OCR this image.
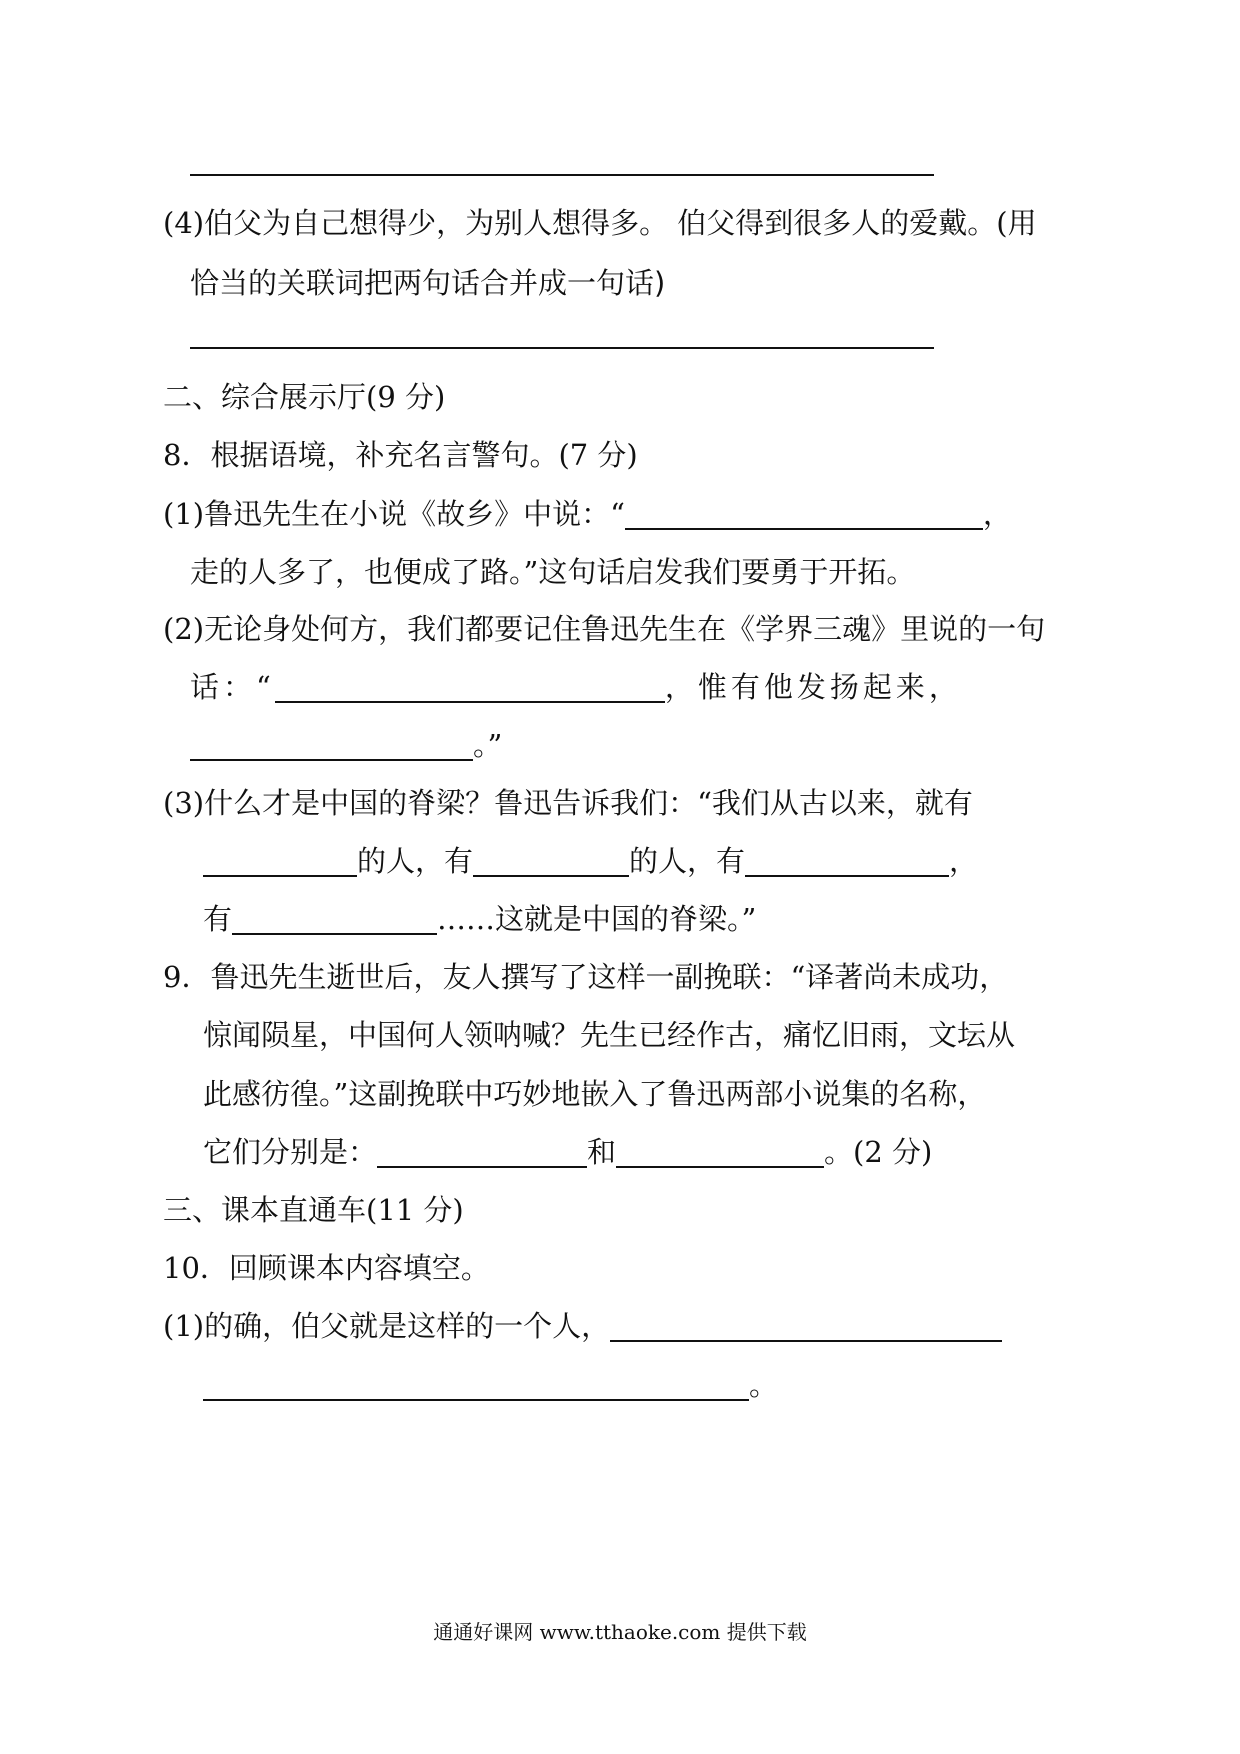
(4)伯父为自己想得少，为别人想得多。 伯父得到很多人的爱戴。(用
恰当的关联词把两句话合并成一句话)
二、综合展示厅(9 分)
8．根据语境，补充名言警句。(7 分)
(1)鲁迅先生在小说《故乡》中说：“	，
走的人多了，也便成了路。”这句话启发我们要勇于开拓。
(2)无论身处何方，我们都要记住鲁迅先生在《学界三魂》里说的一句
话：“	，惟有他发扬起来，
。”
(3)什么才是中国的脊梁？鲁迅告诉我们：“我们从古以来，就有
的人，有	的人，有	，
有	……这就是中国的脊梁。”
9．鲁迅先生逝世后，友人撰写了这样一副挽联：“译著尚未成功，
惊闻陨星，中国何人领呐喊？先生已经作古，痛忆旧雨，文坛从
此感彷徨。”这副挽联中巧妙地嵌入了鲁迅两部小说集的名称，
它们分别是：	和	。(2 分)
三、课本直通车(11 分)
10．回顾课本内容填空。
(1)的确，伯父就是这样的一个人，
。
通通好课网 www.tthaoke.com 提供下载
